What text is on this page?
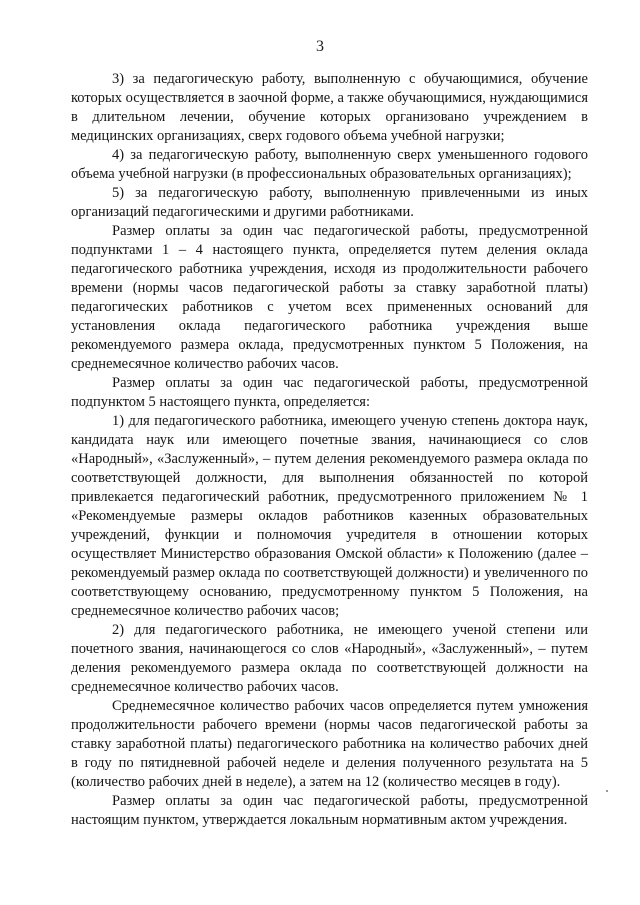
3

3) за педагогическую работу, выполненную с обучающимися, обучение которых осуществляется в заочной форме, а также обучающимися, нуждающимися в длительном лечении, обучение которых организовано учреждением в медицинских организациях, сверх годового объема учебной нагрузки;

4) за педагогическую работу, выполненную сверх уменьшенного годового объема учебной нагрузки (в профессиональных образовательных организациях);

5) за педагогическую работу, выполненную привлеченными из иных организаций педагогическими и другими работниками.

Размер оплаты за один час педагогической работы, предусмотренной подпунктами 1 – 4 настоящего пункта, определяется путем деления оклада педагогического работника учреждения, исходя из продолжительности рабочего времени (нормы часов педагогической работы за ставку заработной платы) педагогических работников с учетом всех примененных оснований для установления оклада педагогического работника учреждения выше рекомендуемого размера оклада, предусмотренных пунктом 5 Положения, на среднемесячное количество рабочих часов.

Размер оплаты за один час педагогической работы, предусмотренной подпунктом 5 настоящего пункта, определяется:

1) для педагогического работника, имеющего ученую степень доктора наук, кандидата наук или имеющего почетные звания, начинающиеся со слов «Народный», «Заслуженный», – путем деления рекомендуемого размера оклада по соответствующей должности, для выполнения обязанностей по которой привлекается педагогический работник, предусмотренного приложением № 1 «Рекомендуемые размеры окладов работников казенных образовательных учреждений, функции и полномочия учредителя в отношении которых осуществляет Министерство образования Омской области» к Положению (далее – рекомендуемый размер оклада по соответствующей должности) и увеличенного по соответствующему основанию, предусмотренному пунктом 5 Положения, на среднемесячное количество рабочих часов;

2) для педагогического работника, не имеющего ученой степени или почетного звания, начинающегося со слов «Народный», «Заслуженный», – путем деления рекомендуемого размера оклада по соответствующей должности на среднемесячное количество рабочих часов.

Среднемесячное количество рабочих часов определяется путем умножения продолжительности рабочего времени (нормы часов педагогической работы за ставку заработной платы) педагогического работника на количество рабочих дней в году по пятидневной рабочей неделе и деления полученного результата на 5 (количество рабочих дней в неделе), а затем на 12 (количество месяцев в году).

Размер оплаты за один час педагогической работы, предусмотренной настоящим пунктом, утверждается локальным нормативным актом учреждения.
